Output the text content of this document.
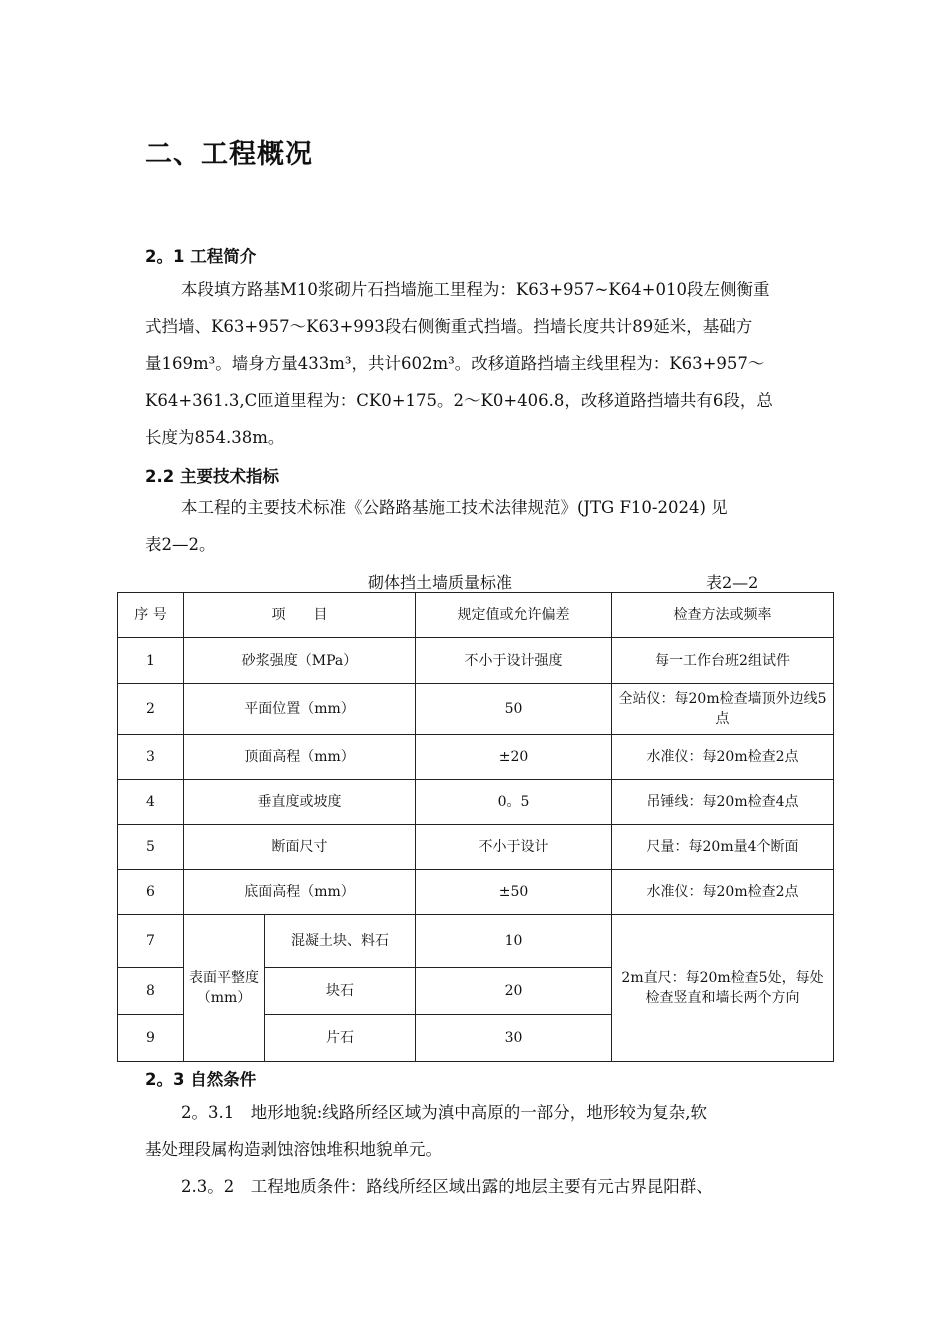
二、工程概况
2。1 工程简介

本段填方路基M10浆砌片石挡墙施工里程为：K63+957~K64+010段左侧衡重

式挡墙、K63+957～K63+993段右侧衡重式挡墙。挡墙长度共计89延米，基础方

量169m³。墙身方量433m³，共计602m³。改移道路挡墙主线里程为：K63+957～

K64+361.3,C匝道里程为：CK0+175。2～K0+406.8，改移道路挡墙共有6段，总

长度为854.38m。

2.2 主要技术指标

本工程的主要技术标准《公路路基施工技术法律规范》(JTG F10-2024) 见

表2—2。

砌体挡土墙质量标准	表2—2
序 号	项　　目		规定值或允许偏差	检查方法或频率
1	砂浆强度（MPa）		不小于设计强度	每一工作台班2组试件
2	平面位置（mm）		50	全站仪：每20m检查墙顶外边线5点
3	顶面高程（mm）		±20	水准仪：每20m检查2点
4	垂直度或坡度		0。5	吊锤线：每20m检查4点
5	断面尺寸		不小于设计	尺量：每20m量4个断面
6	底面高程（mm）		±50	水准仪：每20m检查2点
7	表面平整度（mm）	混凝土块、料石	10	2m直尺：每20m检查5处，每处检查竖直和墙长两个方向
8		块石	20	
9		片石	30	
2。3 自然条件

2。3.1　地形地貌:线路所经区域为滇中高原的一部分，地形较为复杂,软

基处理段属构造剥蚀溶蚀堆积地貌单元。

2.3。2　工程地质条件：路线所经区域出露的地层主要有元古界昆阳群、
